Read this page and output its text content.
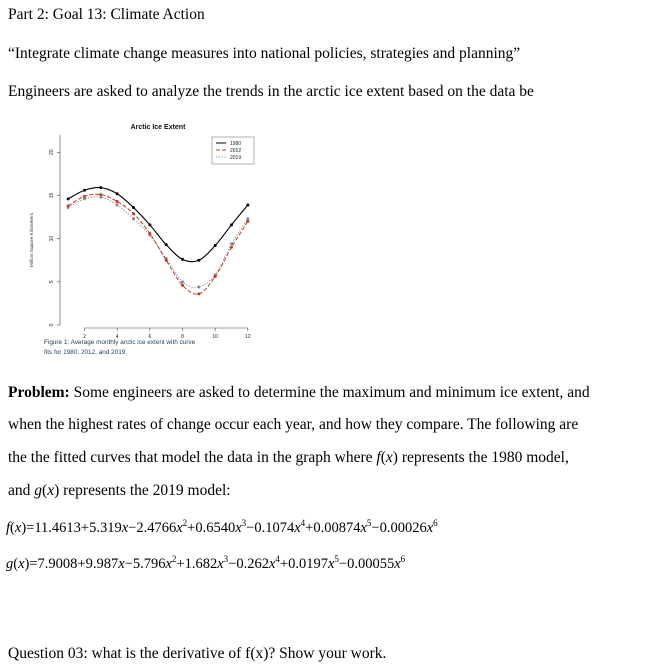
Part 2: Goal 13: Climate Action
“Integrate climate change measures into national policies, strategies and planning”
Engineers are asked to analyze the trends in the arctic ice extent based on the data be
Arctic Ice Extent
0
5
10
15
20
Million Square Kilometers
2	4	6	8	10	12
1980
2012
2019
Figure 1: Average monthly arctic ice extent with curve
fits for 1980, 2012, and 2019.
Problem: Some engineers are asked to determine the maximum and minimum ice extent, and
when the highest rates of change occur each year, and how they compare. The following are
the the fitted curves that model the data in the graph where f(x) represents the 1980 model,
and g(x) represents the 2019 model:
$f(x)=11.4613+5.319x-2.4766x^2+0.6540x^3-0.1074x^4+0.00874x^5-0.00026x^6$
$g(x)=7.9008+9.987x-5.796x^2+1.682x^3-0.262x^4+0.0197x^5-0.00055x^6$
Question 03: what is the derivative of f(x)? Show your work.
